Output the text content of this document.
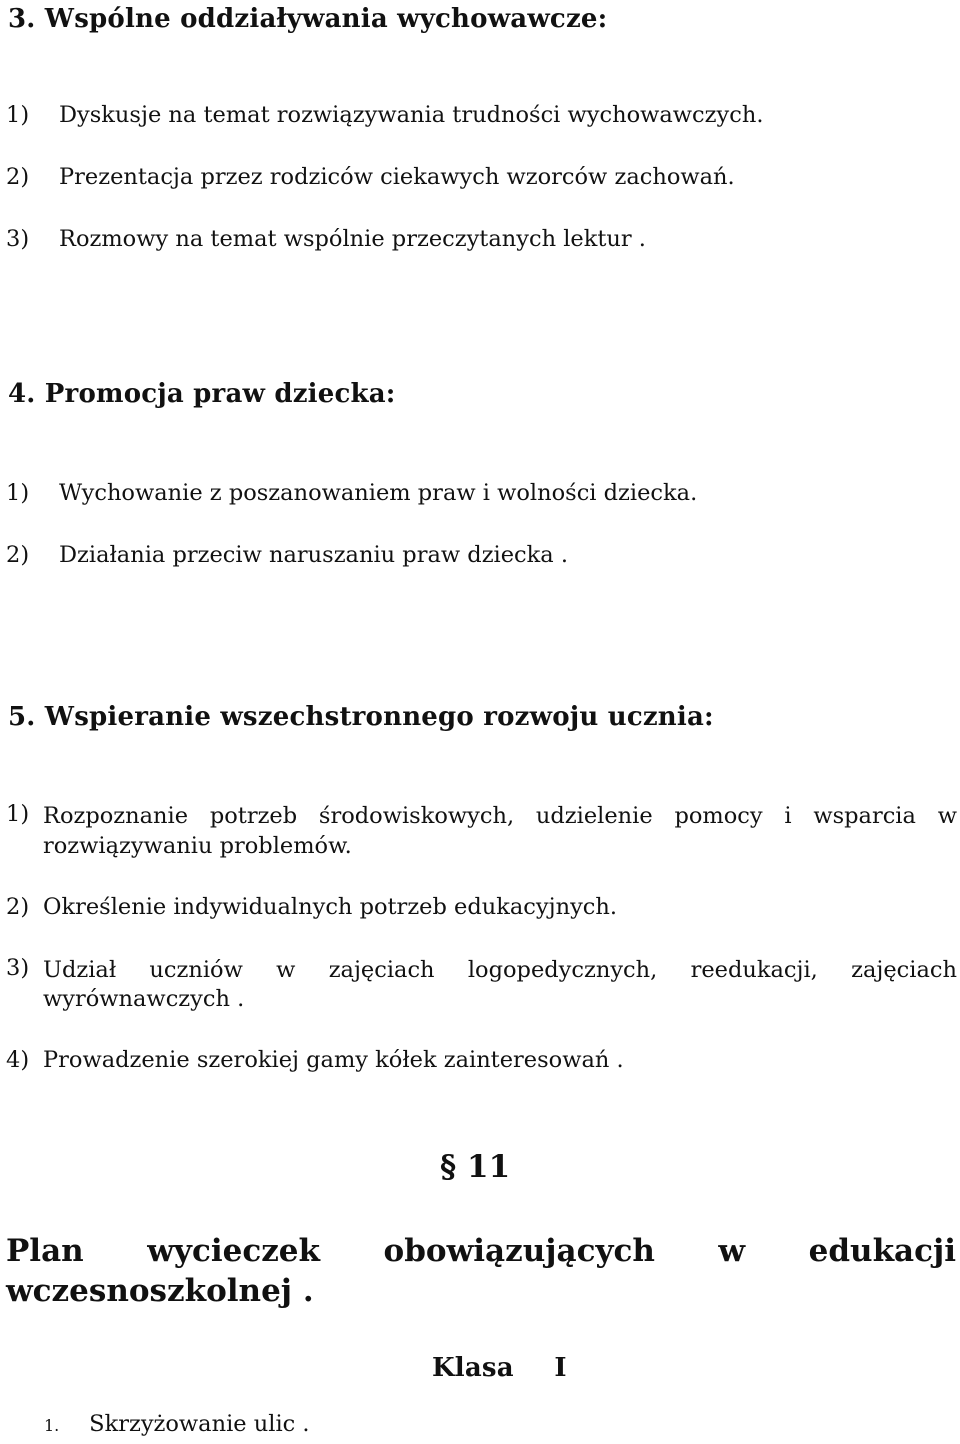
3. Wspólne oddziaływania wychowawcze:
1) Dyskusje na temat rozwiązywania trudności wychowawczych.
2) Prezentacja przez rodziców ciekawych wzorców zachowań.
3) Rozmowy na temat wspólnie przeczytanych lektur .
4. Promocja praw dziecka:
1) Wychowanie z poszanowaniem praw i wolności dziecka.
2) Działania przeciw naruszaniu praw dziecka .
5. Wspieranie wszechstronnego rozwoju ucznia:
1) Rozpoznanie potrzeb środowiskowych, udzielenie pomocy i wsparcia w
rozwiązywaniu problemów.
2) Określenie indywidualnych potrzeb edukacyjnych.
3) Udział uczniów w zajęciach logopedycznych, reedukacji, zajęciach
wyrównawczych .
4) Prowadzenie szerokiej gamy kółek zainteresowań .
§ 11
Plan wycieczek obowiązujących w edukacji
wczesnoszkolnej .
Klasa I
1. Skrzyżowanie ulic .
